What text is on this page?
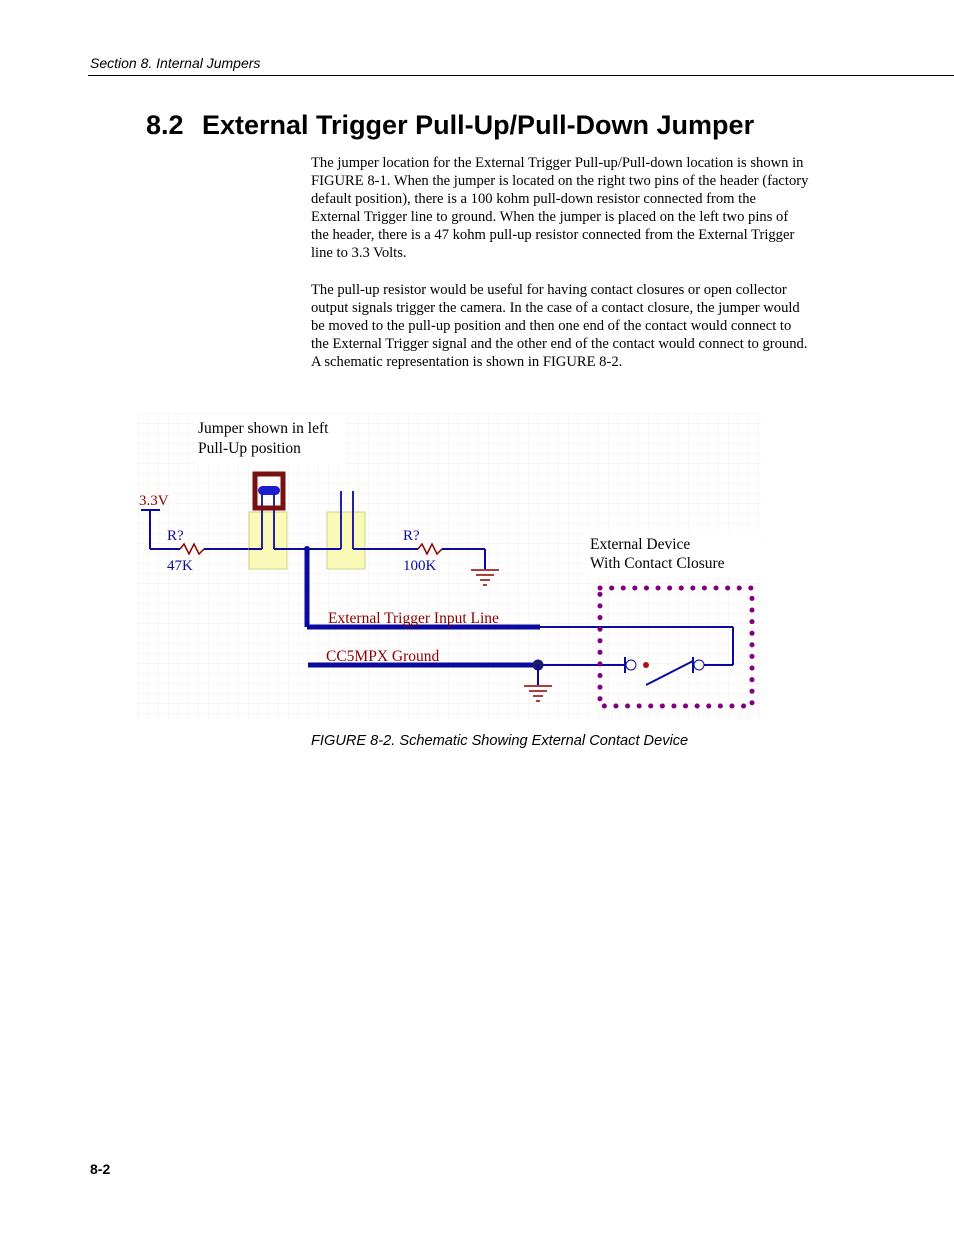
Section 8. Internal Jumpers
8.2 External Trigger Pull-Up/Pull-Down Jumper

The jumper location for the External Trigger Pull-up/Pull-down location is shown in FIGURE 8-1. When the jumper is located on the right two pins of the header (factory default position), there is a 100 kohm pull-down resistor connected from the External Trigger line to ground. When the jumper is placed on the left two pins of the header, there is a 47 kohm pull-up resistor connected from the External Trigger line to 3.3 Volts.

The pull-up resistor would be useful for having contact closures or open collector output signals trigger the camera. In the case of a contact closure, the jumper would be moved to the pull-up position and then one end of the contact would connect to the External Trigger signal and the other end of the contact would connect to ground. A schematic representation is shown in FIGURE 8-2.

Jumper shown in left
Pull-Up position
3.3V
R?
47K
R?
100K
External Trigger Input Line
CC5MPX Ground
External Device
With Contact Closure
FIGURE 8-2. Schematic Showing External Contact Device
8-2
